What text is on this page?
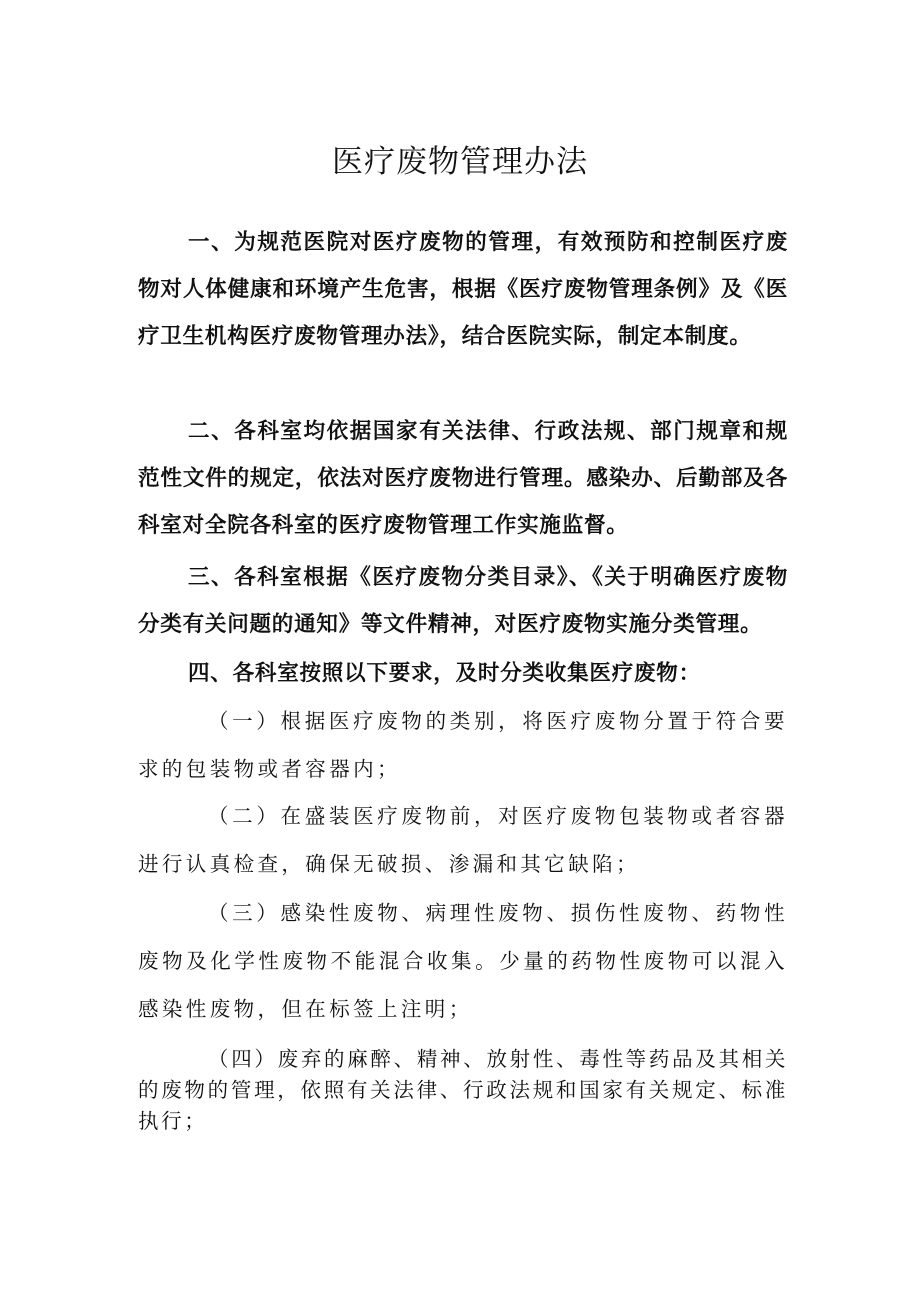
医疗废物管理办法

一、为规范医院对医疗废物的管理，有效预防和控制医疗废物对人体健康和环境产生危害，根据《医疗废物管理条例》及《医疗卫生机构医疗废物管理办法》，结合医院实际，制定本制度。

二、各科室均依据国家有关法律、行政法规、部门规章和规范性文件的规定，依法对医疗废物进行管理。感染办、后勤部及各科室对全院各科室的医疗废物管理工作实施监督。

三、各科室根据《医疗废物分类目录》、《关于明确医疗废物分类有关问题的通知》等文件精神，对医疗废物实施分类管理。

四、各科室按照以下要求，及时分类收集医疗废物：

（一）根据医疗废物的类别，将医疗废物分置于符合要求的包装物或者容器内；

（二）在盛装医疗废物前，对医疗废物包装物或者容器进行认真检查，确保无破损、渗漏和其它缺陷；

（三）感染性废物、病理性废物、损伤性废物、药物性废物及化学性废物不能混合收集。少量的药物性废物可以混入感染性废物，但在标签上注明；

（四）废弃的麻醉、精神、放射性、毒性等药品及其相关的废物的管理，依照有关法律、行政法规和国家有关规定、标准执行；
